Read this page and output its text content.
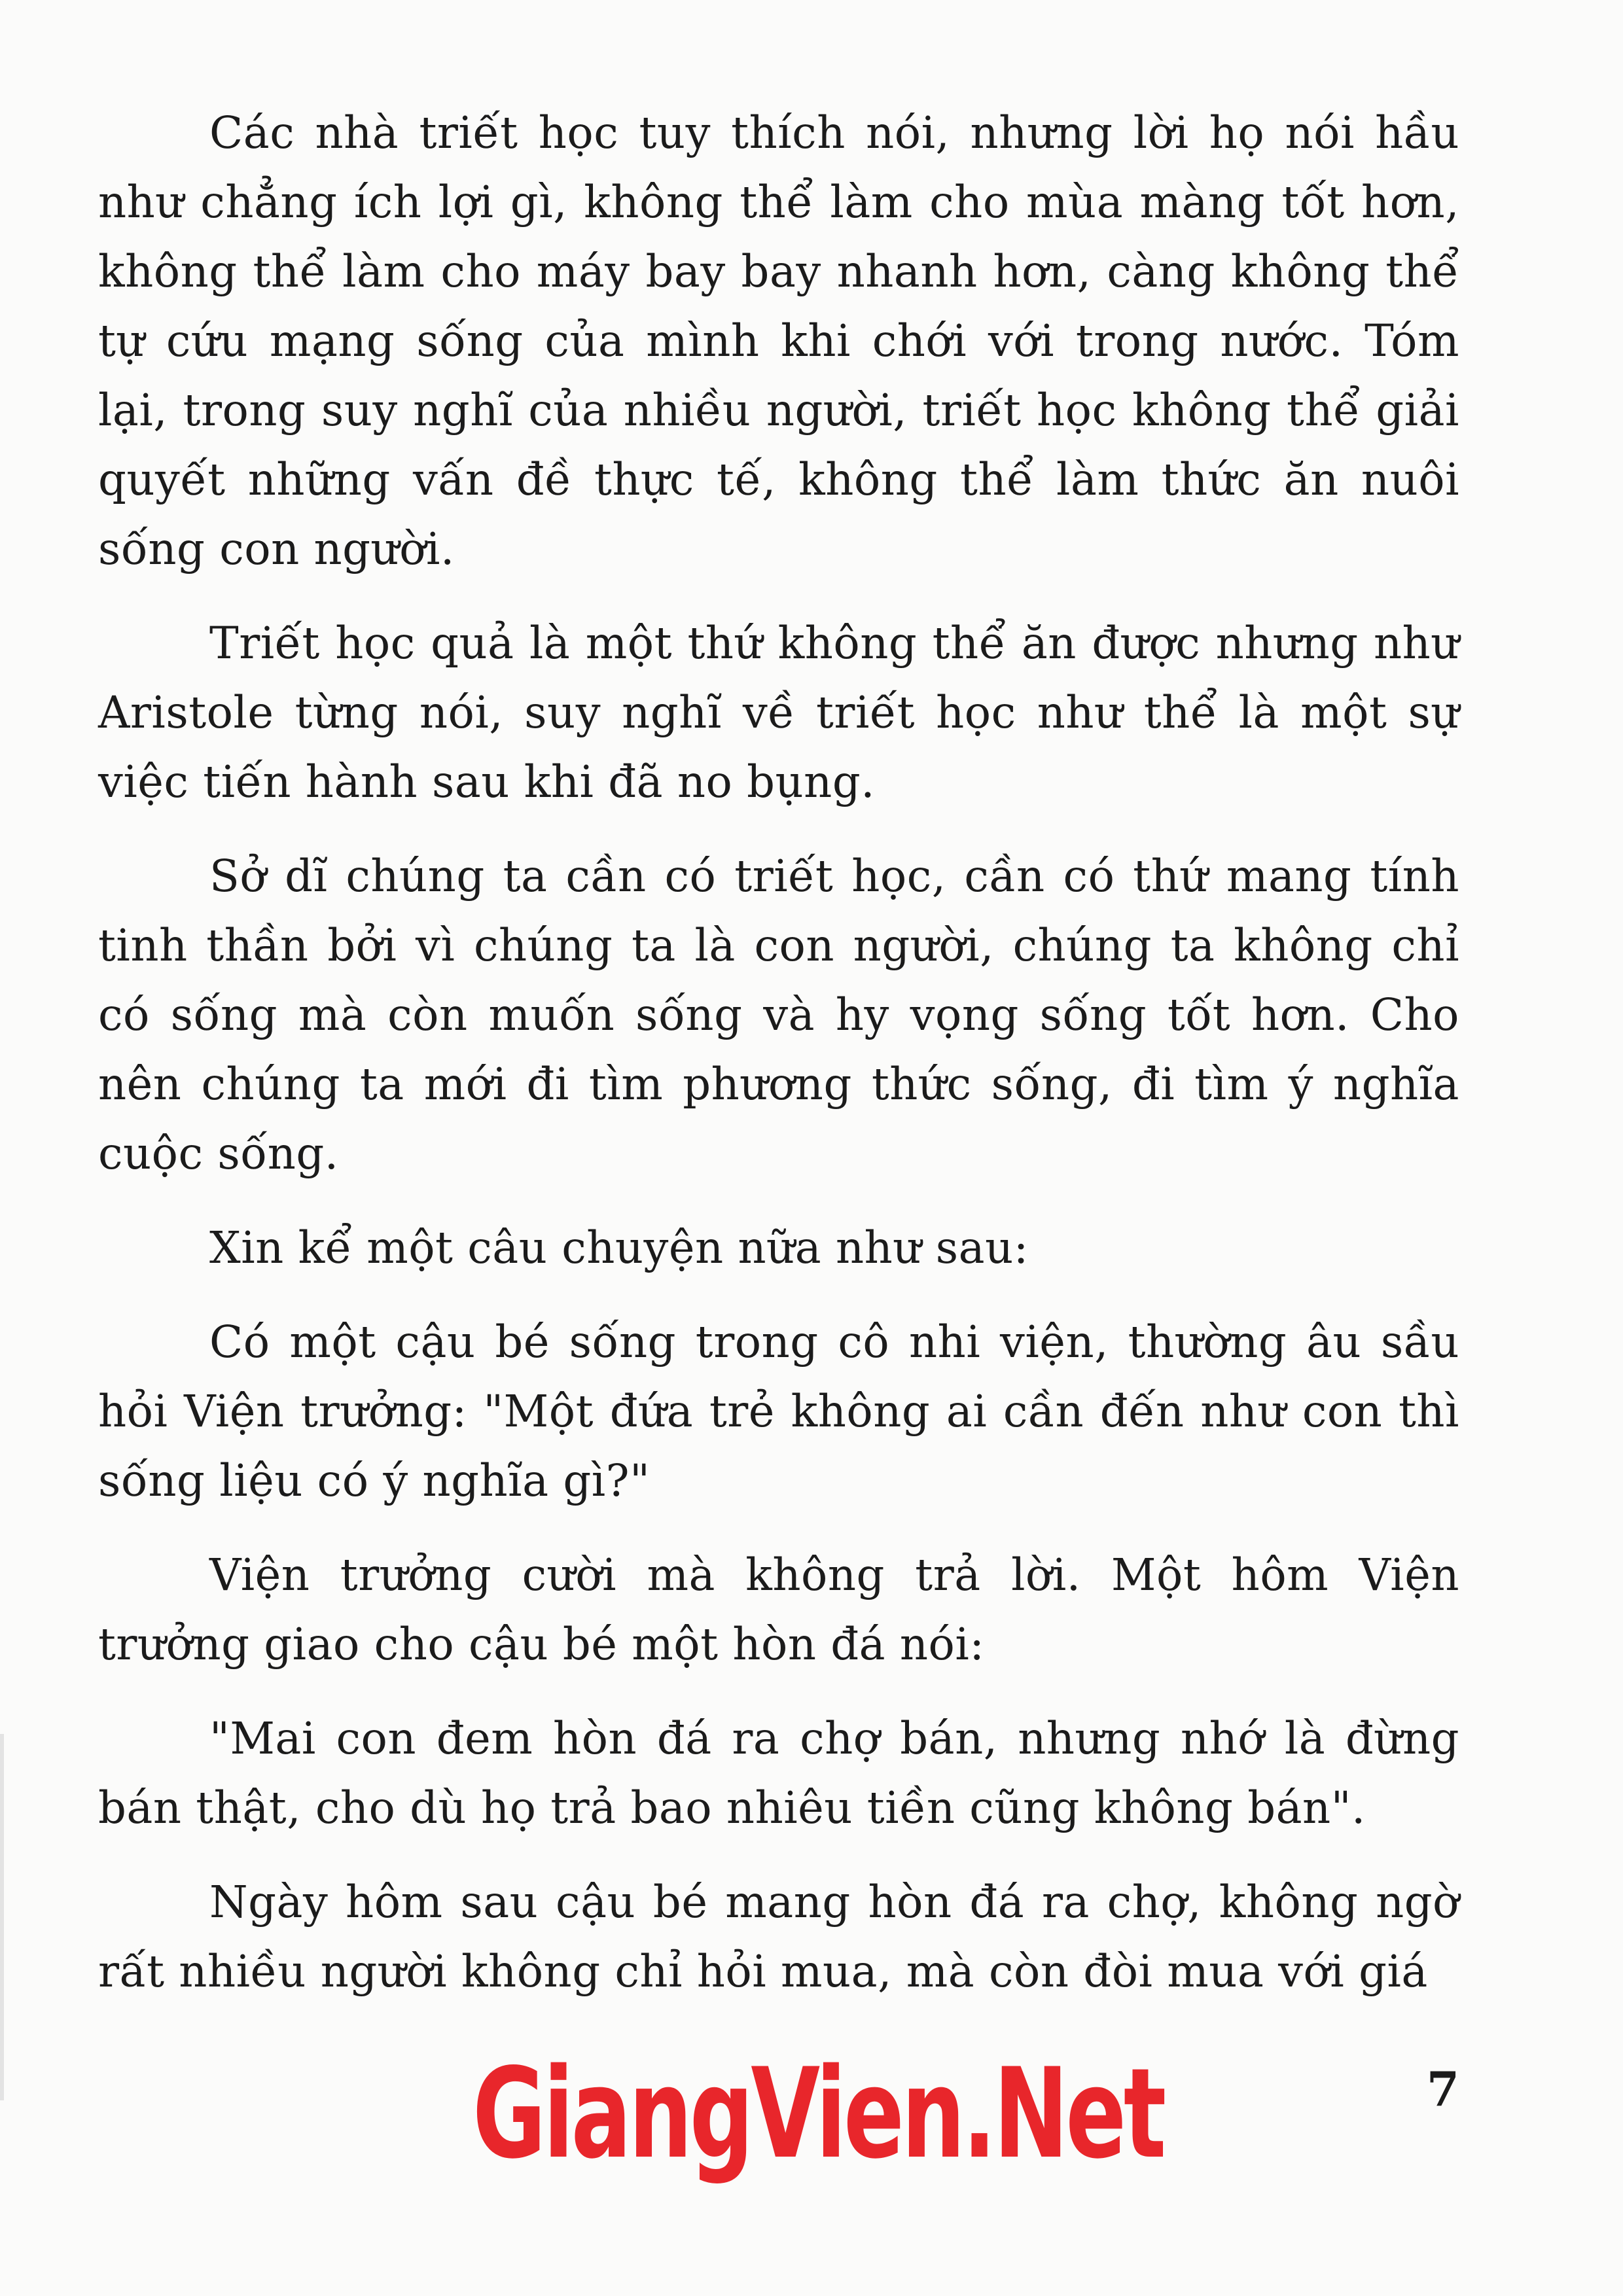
Các nhà triết học tuy thích nói, nhưng lời họ nói hầu như chẳng ích lợi gì, không thể làm cho mùa màng tốt hơn, không thể làm cho máy bay bay nhanh hơn, càng không thể tự cứu mạng sống của mình khi chới với trong nước. Tóm lại, trong suy nghĩ của nhiều người, triết học không thể giải quyết những vấn đề thực tế, không thể làm thức ăn nuôi sống con người.

Triết học quả là một thứ không thể ăn được nhưng như Aristole từng nói, suy nghĩ về triết học như thể là một sự việc tiến hành sau khi đã no bụng.

Sở dĩ chúng ta cần có triết học, cần có thứ mang tính tinh thần bởi vì chúng ta là con người, chúng ta không chỉ có sống mà còn muốn sống và hy vọng sống tốt hơn. Cho nên chúng ta mới đi tìm phương thức sống, đi tìm ý nghĩa cuộc sống.

Xin kể một câu chuyện nữa như sau:

Có một cậu bé sống trong cô nhi viện, thường âu sầu hỏi Viện trưởng: "Một đứa trẻ không ai cần đến như con thì sống liệu có ý nghĩa gì?"

Viện trưởng cười mà không trả lời. Một hôm Viện trưởng giao cho cậu bé một hòn đá nói:

"Mai con đem hòn đá ra chợ bán, nhưng nhớ là đừng bán thật, cho dù họ trả bao nhiêu tiền cũng không bán".

Ngày hôm sau cậu bé mang hòn đá ra chợ, không ngờ rất nhiều người không chỉ hỏi mua, mà còn đòi mua với giá

GiangVien.Net	7
